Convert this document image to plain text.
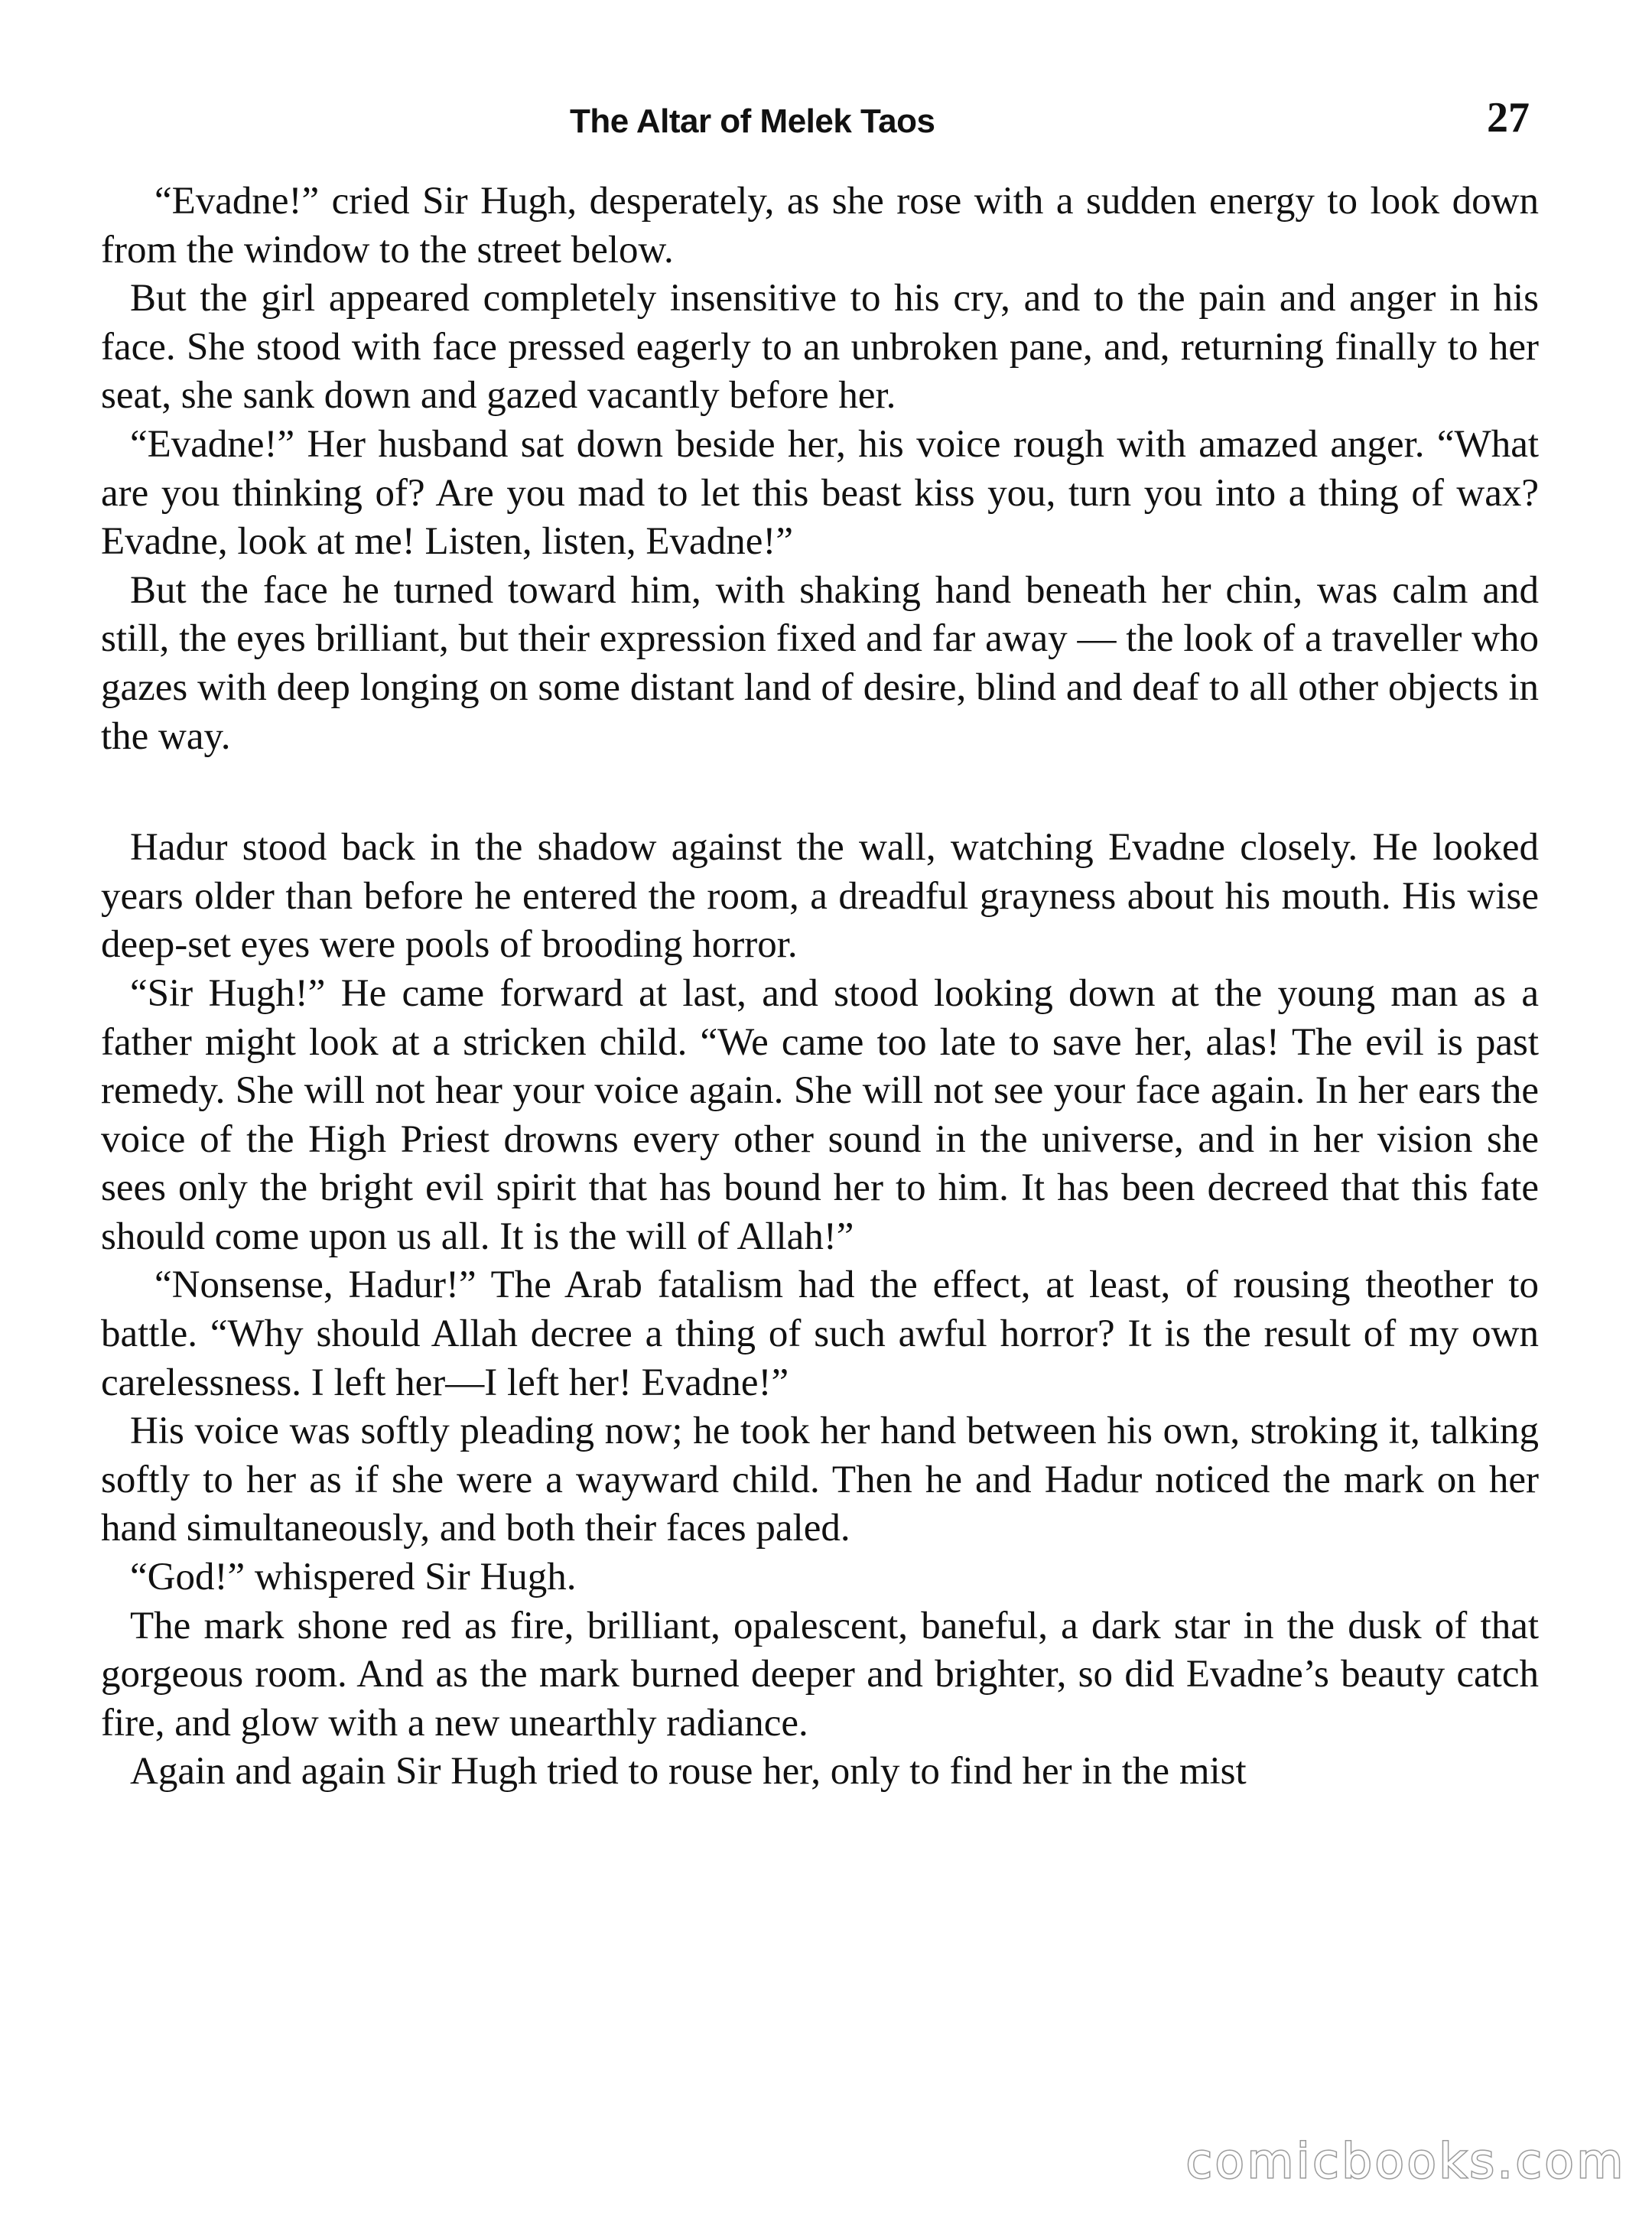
The Altar of Melek Taos	27

“Evadne!” cried Sir Hugh, desperately, as she rose with a sudden energy to look down from the window to the street below.

But the girl appeared completely insensitive to his cry, and to the pain and anger in his face. She stood with face pressed eagerly to an unbroken pane, and, returning finally to her seat, she sank down and gazed vacantly before her.

“Evadne!” Her husband sat down beside her, his voice rough with amazed anger. “What are you thinking of? Are you mad to let this beast kiss you, turn you into a thing of wax? Evadne, look at me! Listen, listen, Evadne!”

But the face he turned toward him, with shaking hand beneath her chin, was calm and still, the eyes brilliant, but their expression fixed and far away — the look of a traveller who gazes with deep longing on some distant land of desire, blind and deaf to all other objects in the way.

Hadur stood back in the shadow against the wall, watching Evadne closely. He looked years older than before he entered the room, a dreadful grayness about his mouth. His wise deep-set eyes were pools of brooding horror.

“Sir Hugh!” He came forward at last, and stood looking down at the young man as a father might look at a stricken child. “We came too late to save her, alas! The evil is past remedy. She will not hear your voice again. She will not see your face again. In her ears the voice of the High Priest drowns every other sound in the universe, and in her vision she sees only the bright evil spirit that has bound her to him. It has been decreed that this fate should come upon us all. It is the will of Allah!”

“Nonsense, Hadur!” The Arab fatalism had the effect, at least, of rousing theother to battle. “Why should Allah decree a thing of such awful horror? It is the result of my own carelessness. I left her—I left her! Evadne!”

His voice was softly pleading now; he took her hand between his own, stroking it, talking softly to her as if she were a wayward child. Then he and Hadur noticed the mark on her hand simultaneously, and both their faces paled.

“God!” whispered Sir Hugh.

The mark shone red as fire, brilliant, opalescent, baneful, a dark star in the dusk of that gorgeous room. And as the mark burned deeper and brighter, so did Evadne’s beauty catch fire, and glow with a new unearthly radiance.

Again and again Sir Hugh tried to rouse her, only to find her in the mist

comicbooks.com
